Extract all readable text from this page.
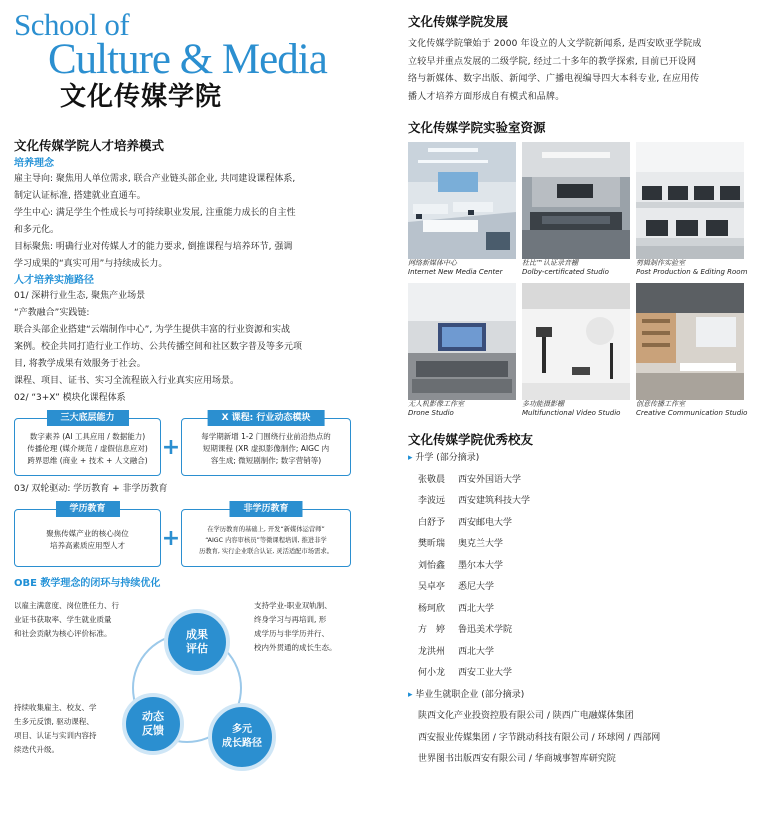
School of
Culture & Media
文化传媒学院
文化传媒学院人才培养模式
培养理念
雇主导向: 聚焦用人单位需求, 联合产业链头部企业, 共同建设课程体系,
制定认证标准, 搭建就业直通车。
学生中心: 满足学生个性成长与可持续职业发展, 注重能力成长的自主性
和多元化。
目标聚焦: 明确行业对传媒人才的能力要求, 倒推课程与培养环节, 强调
学习成果的“真实可用”与持续成长力。
人才培养实施路径
01/ 深耕行业生态, 聚焦产业场景
“产教融合”实践链:
联合头部企业搭建“云端制作中心”, 为学生提供丰富的行业资源和实战
案例。校企共同打造行业工作坊、公共传播空间和社区数字普及等多元项
目, 将教学成果有效服务于社会。
课程、项目、证书、实习全流程嵌入行业真实应用场景。
02/ “3+X” 模块化课程体系
三大底层能力
数字素养 (AI 工具应用 / 数据能力)
传播伦理 (媒介规范 / 虚假信息应对)
跨界思维 (商业 + 技术 + 人文融合)
+
X 课程: 行业动态模块
每学期新增 1-2 门围绕行业前沿热点的
短期课程 (XR 虚拟影像制作; AIGC 内
容生成; 微短剧制作; 数字营销等)
03/ 双轮驱动: 学历教育 + 非学历教育
学历教育
聚焦传媒产业的核心岗位
培养高素质应用型人才 +
非学历教育
在学历教育的基础上, 开发“新媒体运营师”
“AIGC 内容审核员”等微课程培训, 推进非学
历教育, 实行企业联合认证, 灵活适配市场需求。
OBE 教学理念的闭环与持续优化
以雇主满意度、岗位胜任力、行
业证书获取率、学生就业质量
和社会贡献为核心评价标准。
支持学业-职业双轨制、
终身学习与再培训, 形
成学历与非学历并行、
校内外贯通的成长生态。
持续收集雇主、校友、学
生多元反馈, 驱动课程、
项目、认证与实训内容持
续迭代升级。
成果
评估
动态
反馈	多元
成长路径
文化传媒学院发展
文化传媒学院肇始于 2000 年设立的人文学院新闻系, 是西安欧亚学院成
立较早并重点发展的二级学院, 经过二十多年的教学探索, 目前已开设网
络与新媒体、数字出版、新闻学、广播电视编导四大本科专业, 在应用传
播人才培养方面形成自有模式和品牌。
文化传媒学院实验室资源
网络新媒体中心
Internet New Media Center
杜比™认证录音棚
Dolby-certificated Studio
剪辑制作实验室
Post Production & Editing Room
无人机影像工作室
Drone Studio
多功能摄影棚
Multifunctional Video Studio
创意传播工作室
Creative Communication Studio
文化传媒学院优秀校友
▸ 升学 (部分摘录)
张敬晨 西安外国语大学
李波远 西安建筑科技大学
白舒予 西安邮电大学
樊昕瑞 奥克兰大学
刘怡鑫 墨尔本大学
吴卓亭 悉尼大学
杨珂欣 西北大学
方　婷 鲁迅美术学院
龙洪州 西北大学
何小龙 西安工业大学
▸ 毕业生就职企业 (部分摘录)
陕西文化产业投资控股有限公司 / 陕西广电融媒体集团
西安报业传媒集团 / 字节跳动科技有限公司 / 环球网 / 西部网
世界图书出版西安有限公司 / 华商城事智库研究院
